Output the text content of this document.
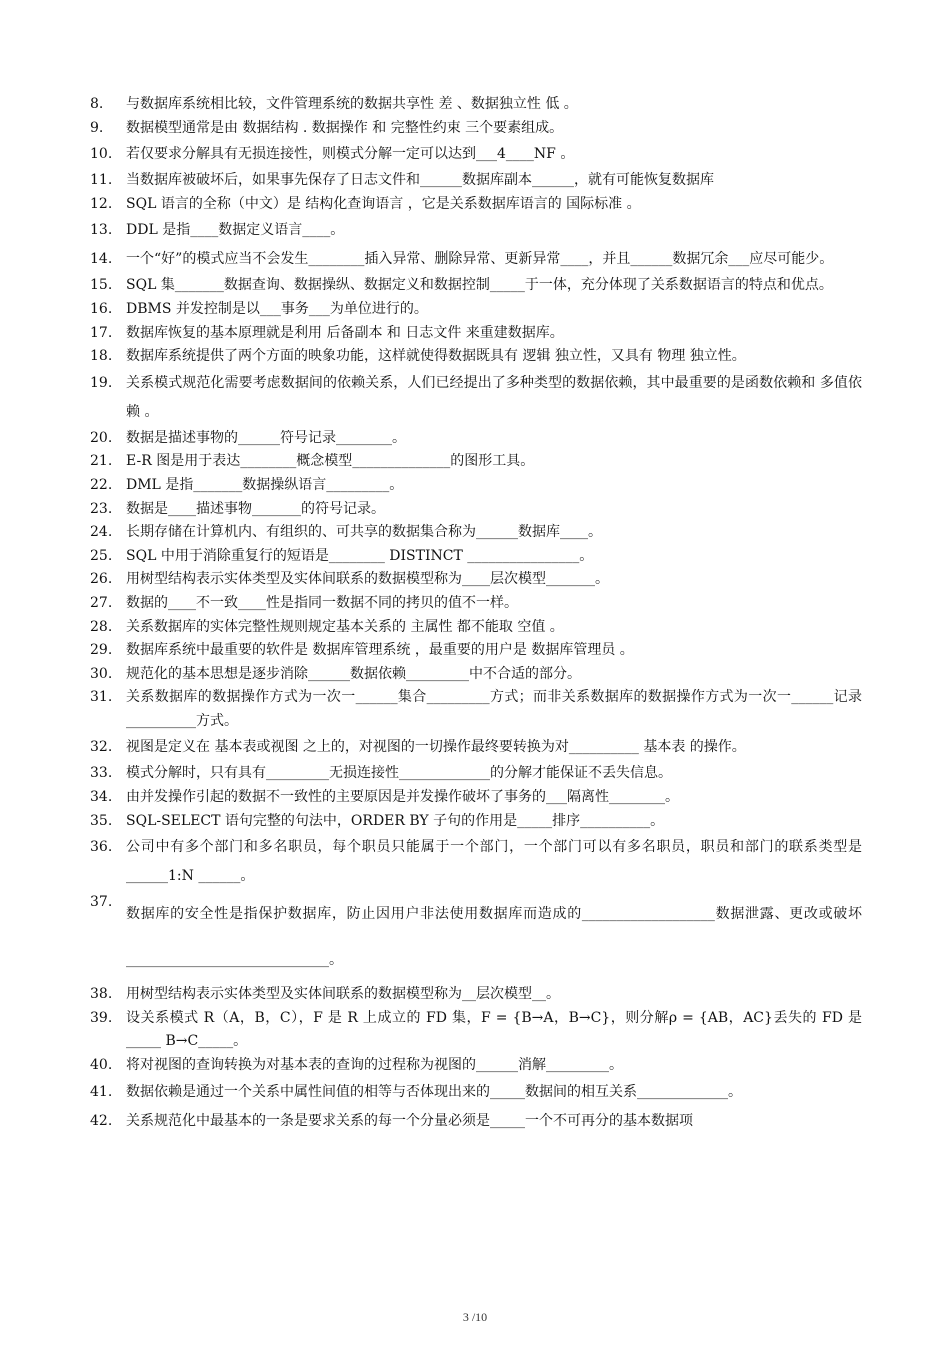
8. 与数据库系统相比较，文件管理系统的数据共享性 差 、数据独立性 低 。
9. 数据模型通常是由 数据结构 . 数据操作 和 完整性约束 三个要素组成。
10. 若仅要求分解具有无损连接性，则模式分解一定可以达到___4____NF 。
11. 当数据库被破坏后，如果事先保存了日志文件和______数据库副本______，就有可能恢复数据库
12. SQL 语言的全称（中文）是 结构化查询语言 ，它是关系数据库语言的 国际标准 。
13. DDL 是指____数据定义语言____。
14. 一个“好”的模式应当不会发生________插入异常、删除异常、更新异常____，并且______数据冗余___应尽可能少。
15. SQL 集_______数据查询、数据操纵、数据定义和数据控制_____于一体，充分体现了关系数据语言的特点和优点。
16. DBMS 并发控制是以___事务___为单位进行的。
17. 数据库恢复的基本原理就是利用 后备副本 和 日志文件 来重建数据库。
18. 数据库系统提供了两个方面的映象功能，这样就使得数据既具有 逻辑 独立性，又具有 物理 独立性。
19. 关系模式规范化需要考虑数据间的依赖关系，人们已经提出了多种类型的数据依赖，其中最重要的是函数依赖和 多值依赖 。
20. 数据是描述事物的______符号记录________。
21. E-R 图是用于表达________概念模型______________的图形工具。
22. DML 是指_______数据操纵语言_________。
23. 数据是____描述事物_______的符号记录。
24. 长期存储在计算机内、有组织的、可共享的数据集合称为______数据库____。
25. SQL 中用于消除重复行的短语是________ DISTINCT ________________。
26. 用树型结构表示实体类型及实体间联系的数据模型称为____层次模型_______。
27. 数据的____不一致____性是指同一数据不同的拷贝的值不一样。
28. 关系数据库的实体完整性规则规定基本关系的 主属性 都不能取 空值 。
29. 数据库系统中最重要的软件是 数据库管理系统 ，最重要的用户是 数据库管理员 。
30. 规范化的基本思想是逐步消除______数据依赖_________中不合适的部分。
31. 关系数据库的数据操作方式为一次一______集合_________方式；而非关系数据库的数据操作方式为一次一______记录__________方式。
32. 视图是定义在 基本表或视图 之上的，对视图的一切操作最终要转换为对__________ 基本表 的操作。
33. 模式分解时，只有具有_________无损连接性_____________的分解才能保证不丢失信息。
34. 由并发操作引起的数据不一致性的主要原因是并发操作破坏了事务的___隔离性________。
35. SQL-SELECT 语句完整的句法中，ORDER BY 子句的作用是_____排序__________。
36. 公司中有多个部门和多名职员，每个职员只能属于一个部门，一个部门可以有多名职员，职员和部门的联系类型是______1:N ______。
37.
数据库的安全性是指保护数据库，防止因用户非法使用数据库而造成的___________________数据泄露、更改或破坏_____________________________。
38. 用树型结构表示实体类型及实体间联系的数据模型称为__层次模型__。
39. 设关系模式 R（A，B，C），F 是 R 上成立的 FD 集，F = {B→A，B→C}，则分解ρ = {AB，AC}丢失的 FD 是_____ B→C_____。
40. 将对视图的查询转换为对基本表的查询的过程称为视图的______消解_________。
41. 数据依赖是通过一个关系中属性间值的相等与否体现出来的_____数据间的相互关系_____________。
42. 关系规范化中最基本的一条是要求关系的每一个分量必须是_____一个不可再分的基本数据项
3 /10
